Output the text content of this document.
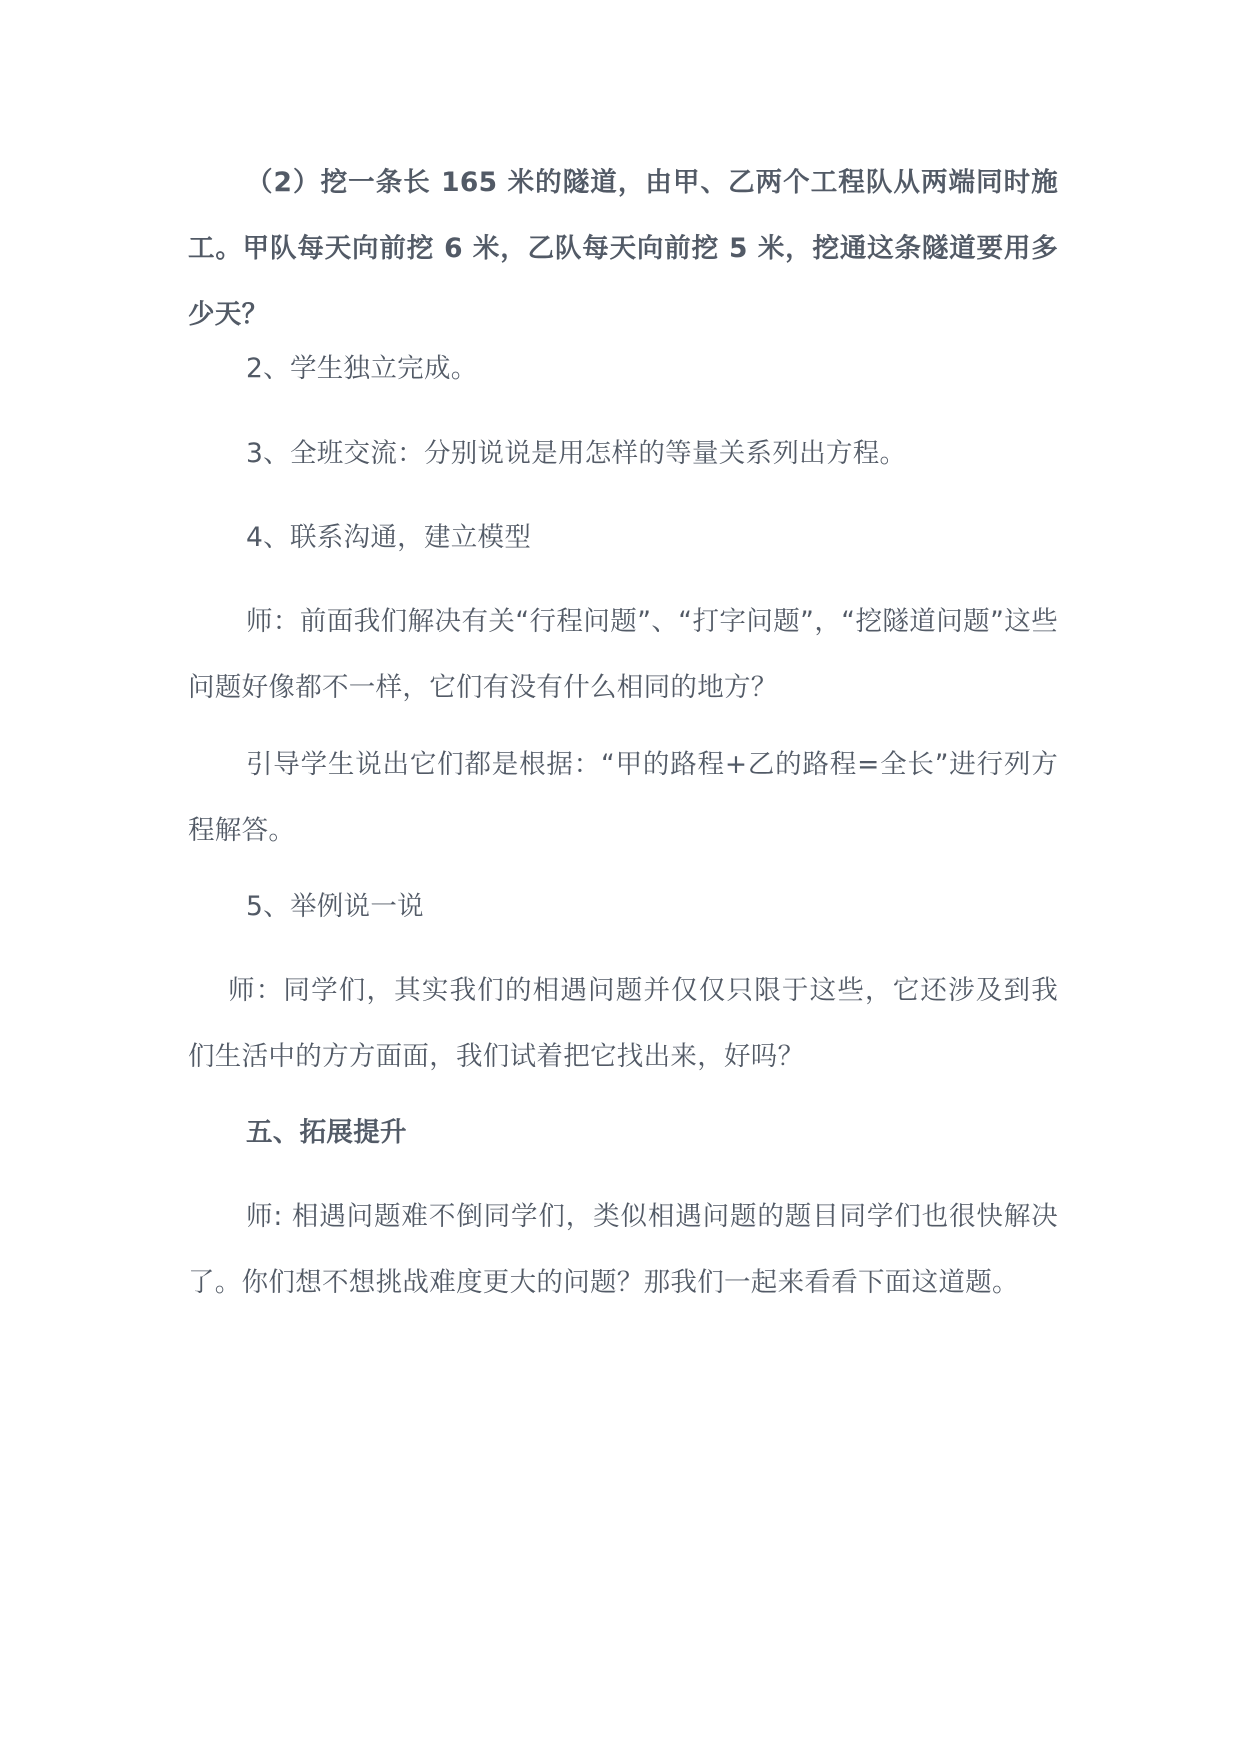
（2）挖一条长 165 米的隧道，由甲、乙两个工程队从两端同时施工。甲队每天向前挖 6 米，乙队每天向前挖 5 米，挖通这条隧道要用多少天？

2、学生独立完成。

3、全班交流：分别说说是用怎样的等量关系列出方程。

4、联系沟通，建立模型

师：前面我们解决有关“行程问题”、“打字问题”，“挖隧道问题”这些问题好像都不一样，它们有没有什么相同的地方？

引导学生说出它们都是根据：“甲的路程+乙的路程=全长”进行列方程解答。

5、举例说一说

师：同学们，其实我们的相遇问题并仅仅只限于这些，它还涉及到我们生活中的方方面面，我们试着把它找出来，好吗？

五、拓展提升

师: 相遇问题难不倒同学们，类似相遇问题的题目同学们也很快解决了。你们想不想挑战难度更大的问题？那我们一起来看看下面这道题。
